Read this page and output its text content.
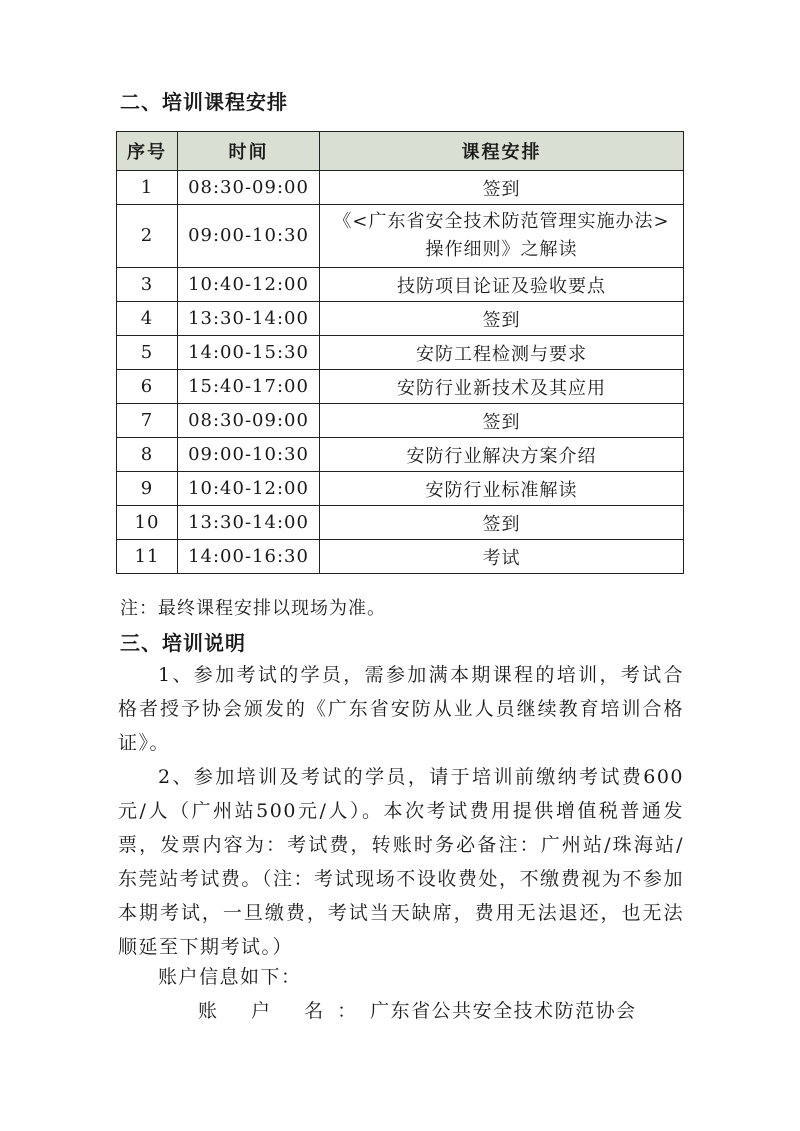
二、培训课程安排
序号	时间	课程安排
1	08:30-09:00	签到
2	09:00-10:30	《<广东省安全技术防范管理实施办法>操作细则》之解读
3	10:40-12:00	技防项目论证及验收要点
4	13:30-14:00	签到
5	14:00-15:30	安防工程检测与要求
6	15:40-17:00	安防行业新技术及其应用
7	08:30-09:00	签到
8	09:00-10:30	安防行业解决方案介绍
9	10:40-12:00	安防行业标准解读
10	13:30-14:00	签到
11	14:00-16:30	考试
注：最终课程安排以现场为准。
三、培训说明
1、参加考试的学员，需参加满本期课程的培训，考试合格者授予协会颁发的《广东省安防从业人员继续教育培训合格证》。
2、参加培训及考试的学员，请于培训前缴纳考试费600元/人（广州站500元/人）。本次考试费用提供增值税普通发票，发票内容为：考试费，转账时务必备注：广州站/珠海站/东莞站考试费。（注：考试现场不设收费处，不缴费视为不参加本期考试，一旦缴费，考试当天缺席，费用无法退还，也无法顺延至下期考试。）
账户信息如下：
账 户 名：广东省公共安全技术防范协会
